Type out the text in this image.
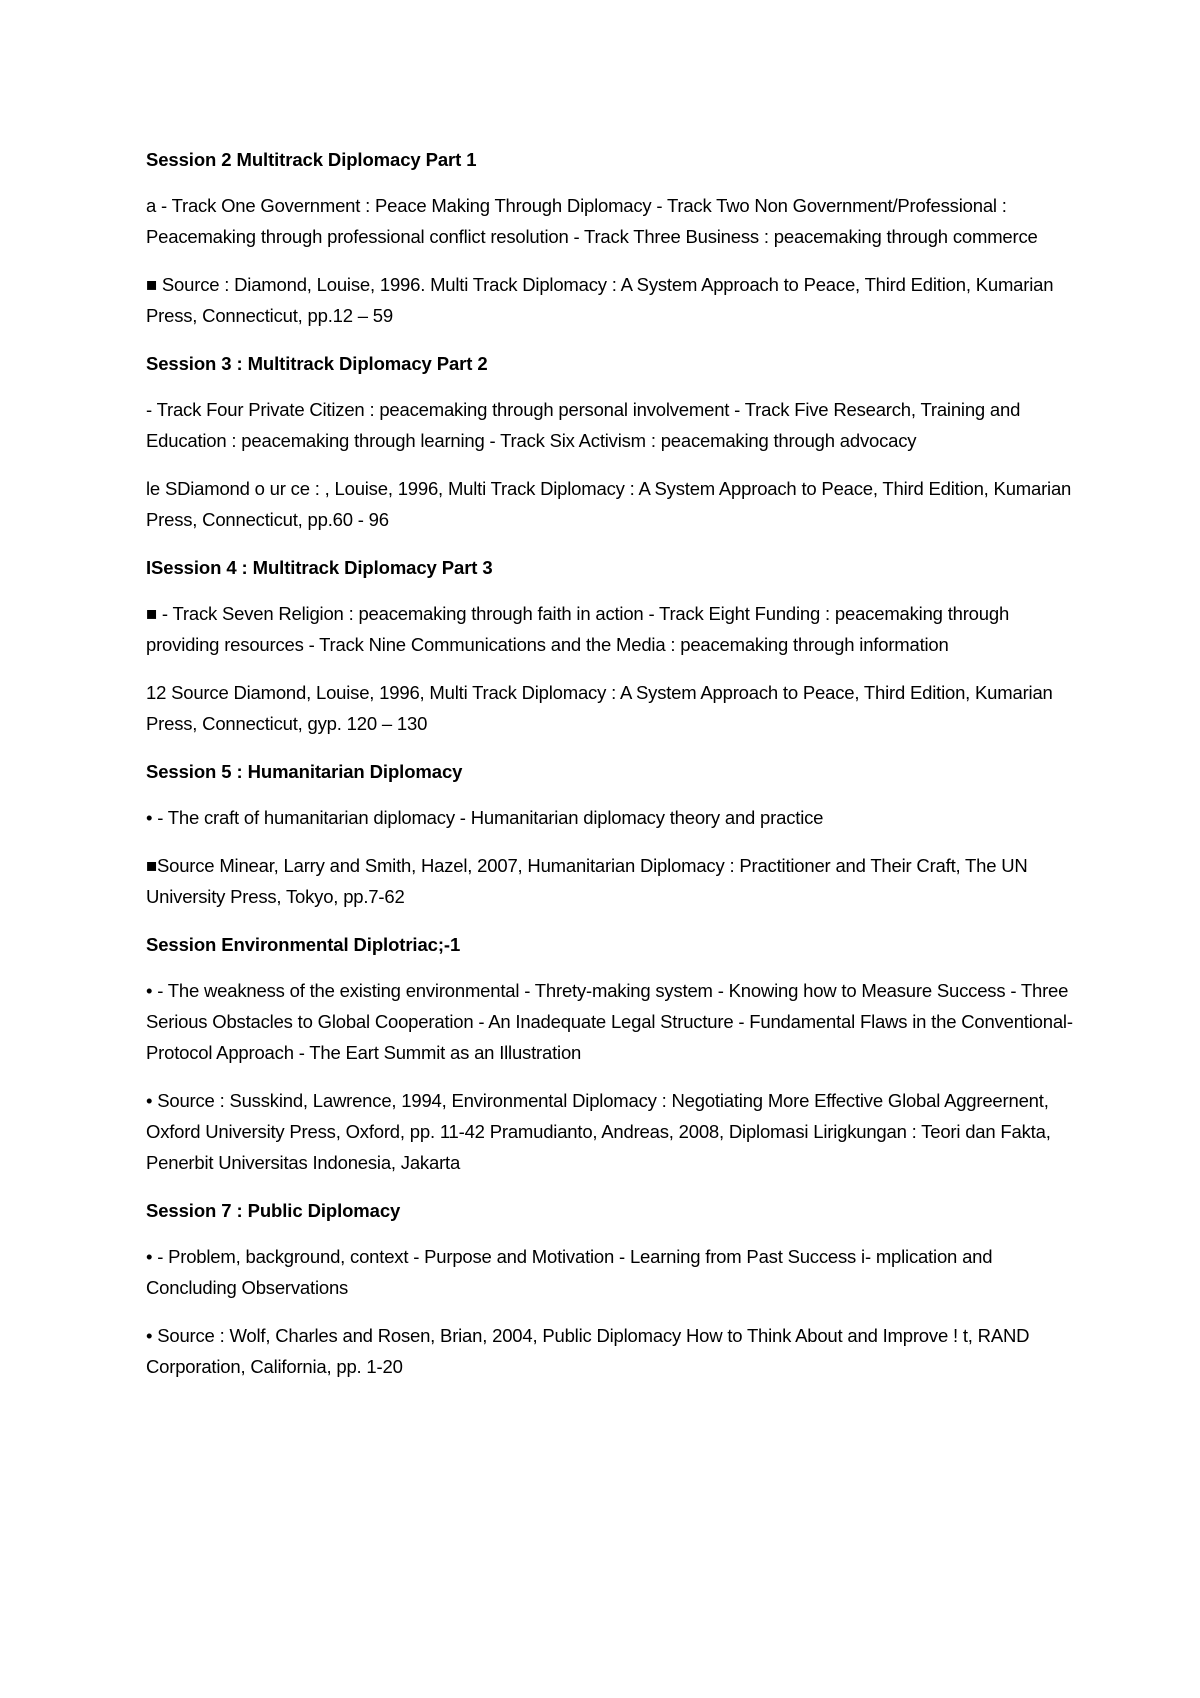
Session 2 Multitrack Diplomacy Part 1
a - Track One Government : Peace Making Through Diplomacy - Track Two Non Government/Professional : Peacemaking through professional conflict resolution - Track Three Business : peacemaking through commerce
■ Source : Diamond, Louise, 1996. Multi Track Diplomacy : A System Approach to Peace, Third Edition, Kumarian Press, Connecticut, pp.12 – 59
Session 3 : Multitrack Diplomacy Part 2
- Track Four Private Citizen : peacemaking through personal involvement - Track Five Research, Training and Education : peacemaking through learning - Track Six Activism : peacemaking through advocacy
le SDiamond o ur ce : , Louise, 1996, Multi Track Diplomacy : A System Approach to Peace, Third Edition, Kumarian Press, Connecticut, pp.60 - 96
ISession 4 : Multitrack Diplomacy Part 3
■ - Track Seven Religion : peacemaking through faith in action - Track Eight Funding : peacemaking through providing resources - Track Nine Communications and the Media : peacemaking through information
12 Source Diamond, Louise, 1996, Multi Track Diplomacy : A System Approach to Peace, Third Edition, Kumarian Press, Connecticut, gyp. 120 – 130
Session 5 : Humanitarian Diplomacy
• - The craft of humanitarian diplomacy - Humanitarian diplomacy theory and practice
■Source Minear, Larry and Smith, Hazel, 2007, Humanitarian Diplomacy : Practitioner and Their Craft, The UN University Press, Tokyo, pp.7-62
Session Environmental Diplotriac;-1
• - The weakness of the existing environmental - Threty-making system - Knowing how to Measure Success - Three Serious Obstacles to Global Cooperation - An Inadequate Legal Structure - Fundamental Flaws in the Conventional-Protocol Approach - The Eart Summit as an Illustration
• Source : Susskind, Lawrence, 1994, Environmental Diplomacy : Negotiating More Effective Global Aggreernent, Oxford University Press, Oxford, pp. 11-42 Pramudianto, Andreas, 2008, Diplomasi Lirigkungan : Teori dan Fakta, Penerbit Universitas Indonesia, Jakarta
Session 7 : Public Diplomacy
• - Problem, background, context - Purpose and Motivation - Learning from Past Success i- mplication and Concluding Observations
• Source : Wolf, Charles and Rosen, Brian, 2004, Public Diplomacy How to Think About and Improve ! t, RAND Corporation, California, pp. 1-20
